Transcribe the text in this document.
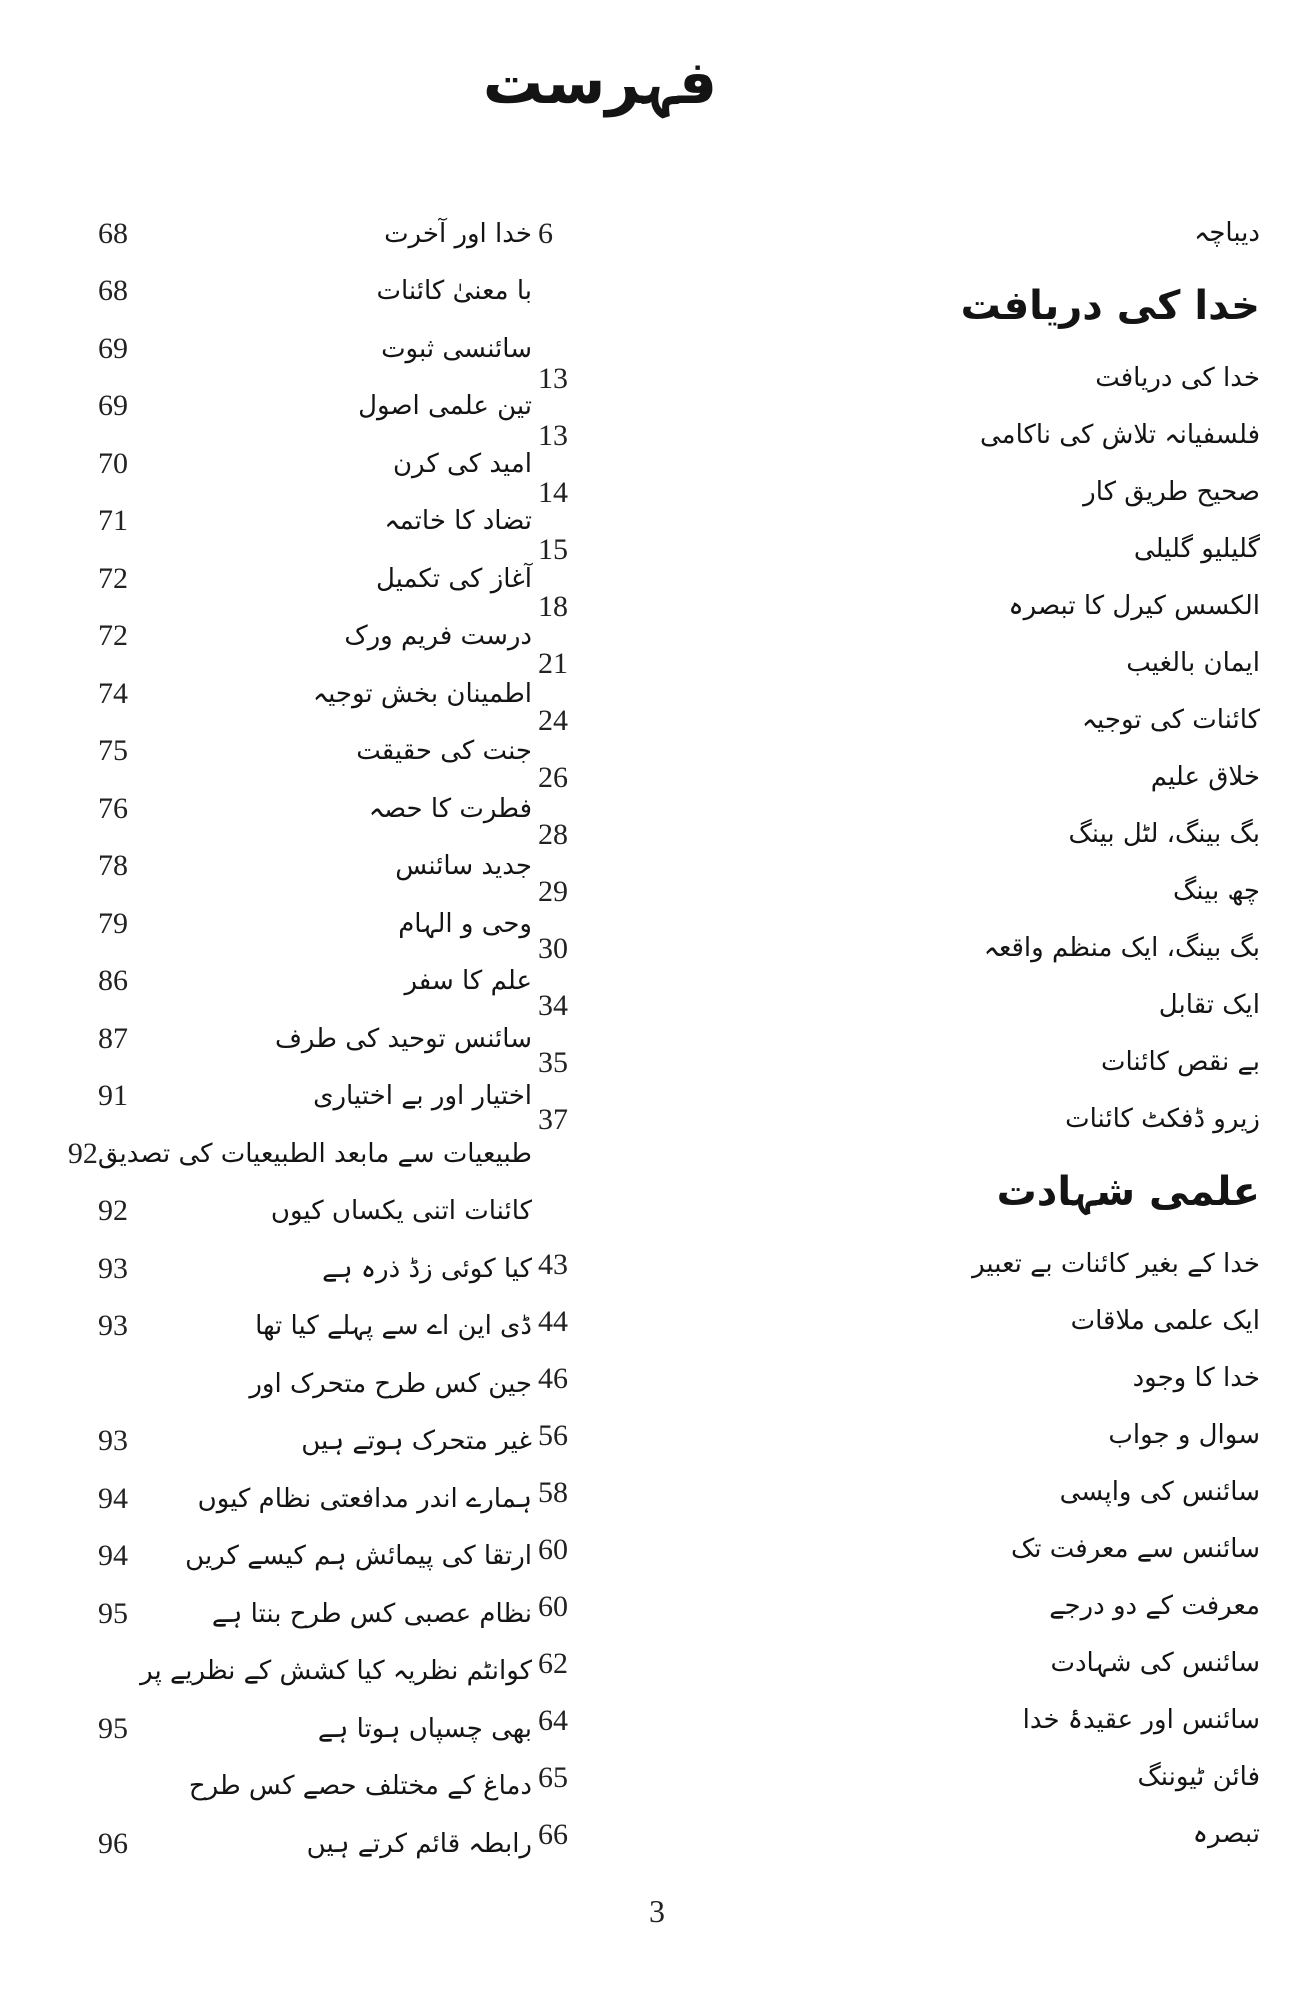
فہرست
دیباچہ
6
خدا کی دریافت
خدا کی دریافت
13
فلسفیانہ تلاش کی ناکامی
13
صحیح طریق کار
14
گلیلیو گلیلی
15
الکسس کیرل کا تبصرہ
18
ایمان بالغیب
21
کائنات کی توجیہ
24
خلاق علیم
26
بگ بینگ، لٹل بینگ
28
چھ بینگ
29
بگ بینگ، ایک منظم واقعہ
30
ایک تقابل
34
بے نقص کائنات
35
زیرو ڈفکٹ کائنات
37
علمی شہادت
خدا کے بغیر کائنات بے تعبیر
43
ایک علمی ملاقات
44
خدا کا وجود
46
سوال و جواب
56
سائنس کی واپسی
58
سائنس سے معرفت تک
60
معرفت کے دو درجے
60
سائنس کی شہادت
62
سائنس اور عقیدۂ خدا
64
فائن ٹیوننگ
65
تبصرہ
66
خدا اور آخرت
68
با معنیٰ کائنات
68
سائنسی ثبوت
69
تین علمی اصول
69
امید کی کرن
70
تضاد کا خاتمہ
71
آغاز کی تکمیل
72
درست فریم ورک
72
اطمینان بخش توجیہ
74
جنت کی حقیقت
75
فطرت کا حصہ
76
جدید سائنس
78
وحی و الہام
79
علم کا سفر
86
سائنس توحید کی طرف
87
اختیار اور بے اختیاری
91
طبیعیات سے مابعد الطبیعیات کی تصدیق
92
کائنات اتنی یکساں کیوں
92
کیا کوئی زڈ ذرہ ہے
93
ڈی این اے سے پہلے کیا تھا
93
جین کس طرح متحرک اور
غیر متحرک ہوتے ہیں
93
ہمارے اندر مدافعتی نظام کیوں
94
ارتقا کی پیمائش ہم کیسے کریں
94
نظام عصبی کس طرح بنتا ہے
95
کوانٹم نظریہ کیا کشش کے نظریے پر
بھی چسپاں ہوتا ہے
95
دماغ کے مختلف حصے کس طرح
رابطہ قائم کرتے ہیں
96
3
